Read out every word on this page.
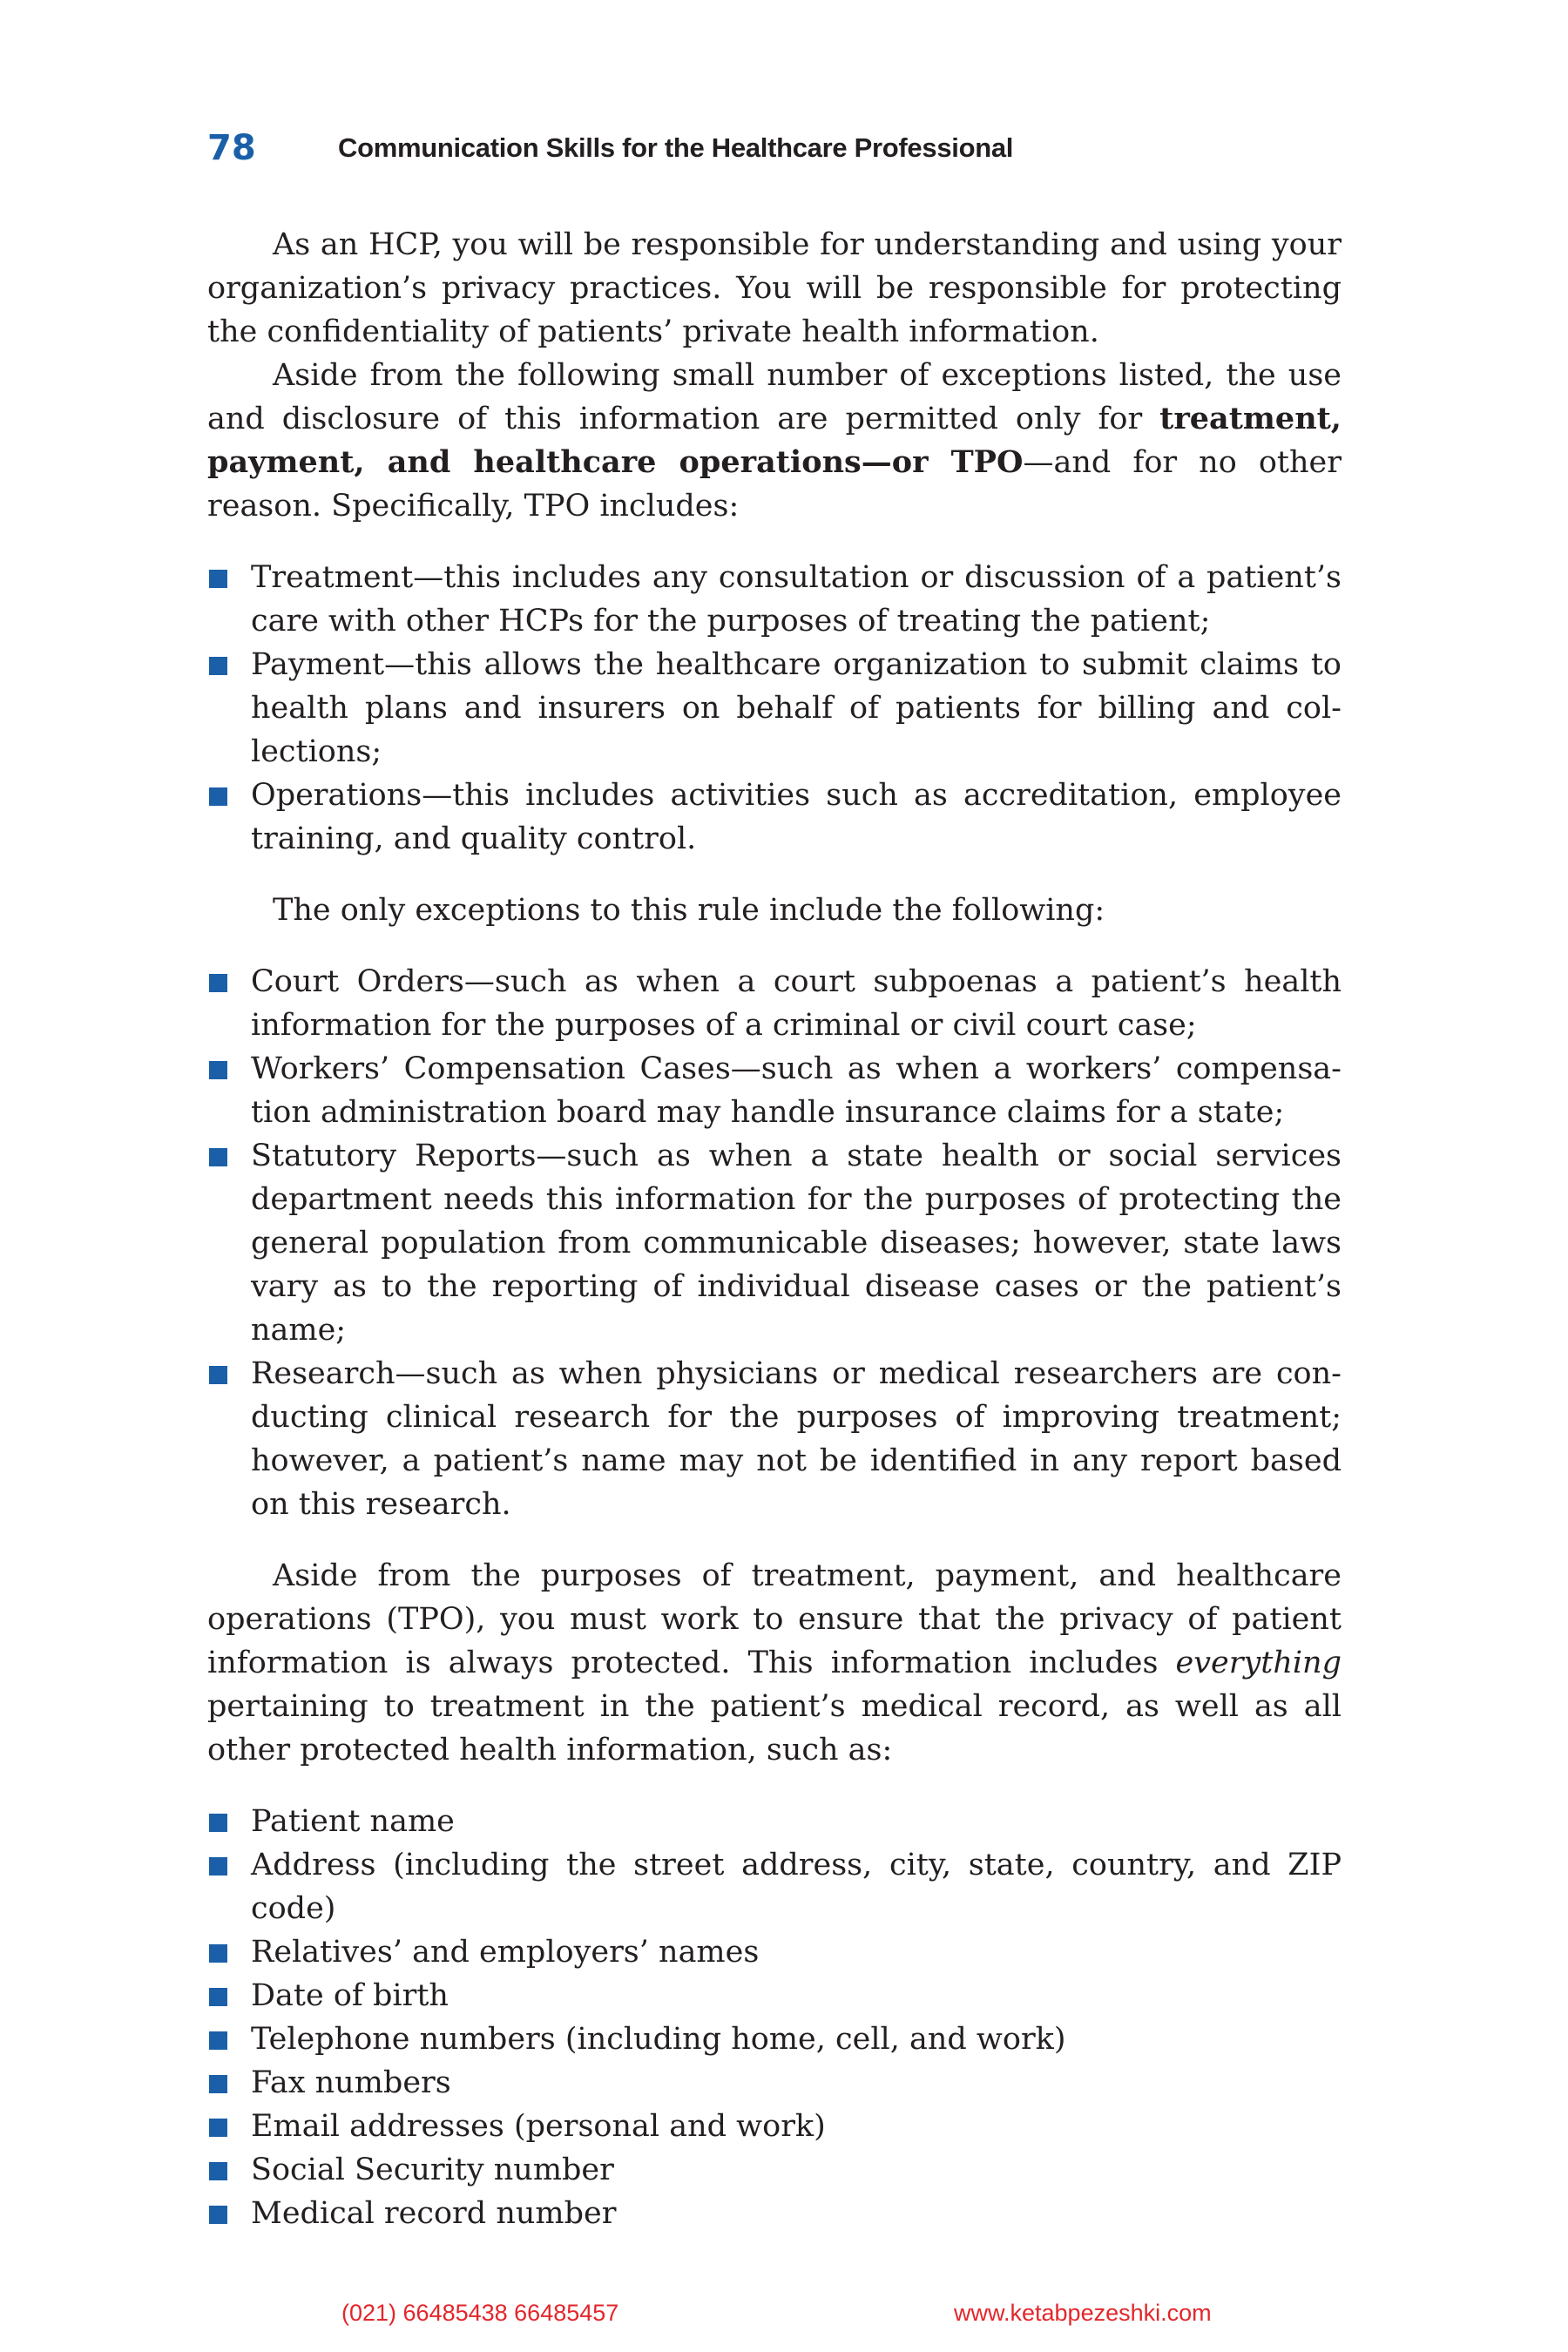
78	Communication Skills for the Healthcare Professional

As an HCP, you will be responsible for understanding and using your organization’s privacy practices. You will be responsible for protecting the confidentiality of patients’ private health information.

Aside from the following small number of exceptions listed, the use and disclosure of this information are permitted only for treatment, payment, and healthcare operations—or TPO—and for no other reason. Specifically, TPO includes:

Treatment—this includes any consultation or discussion of a patient’s care with other HCPs for the purposes of treating the patient;
Payment—this allows the healthcare organization to submit claims to health plans and insurers on behalf of patients for billing and collections;
Operations—this includes activities such as accreditation, employee training, and quality control.

The only exceptions to this rule include the following:

Court Orders—such as when a court subpoenas a patient’s health information for the purposes of a criminal or civil court case;
Workers’ Compensation Cases—such as when a workers’ compensation administration board may handle insurance claims for a state;
Statutory Reports—such as when a state health or social services department needs this information for the purposes of protecting the general population from communicable diseases; however, state laws vary as to the reporting of individual disease cases or the patient’s name;
Research—such as when physicians or medical researchers are conducting clinical research for the purposes of improving treatment; however, a patient’s name may not be identified in any report based on this research.

Aside from the purposes of treatment, payment, and healthcare operations (TPO), you must work to ensure that the privacy of patient information is always protected. This information includes everything pertaining to treatment in the patient’s medical record, as well as all other protected health information, such as:

Patient name
Address (including the street address, city, state, country, and ZIP code)
Relatives’ and employers’ names
Date of birth
Telephone numbers (including home, cell, and work)
Fax numbers
Email addresses (personal and work)
Social Security number
Medical record number
(021) 66485438 66485457	www.ketabpezeshki.com
